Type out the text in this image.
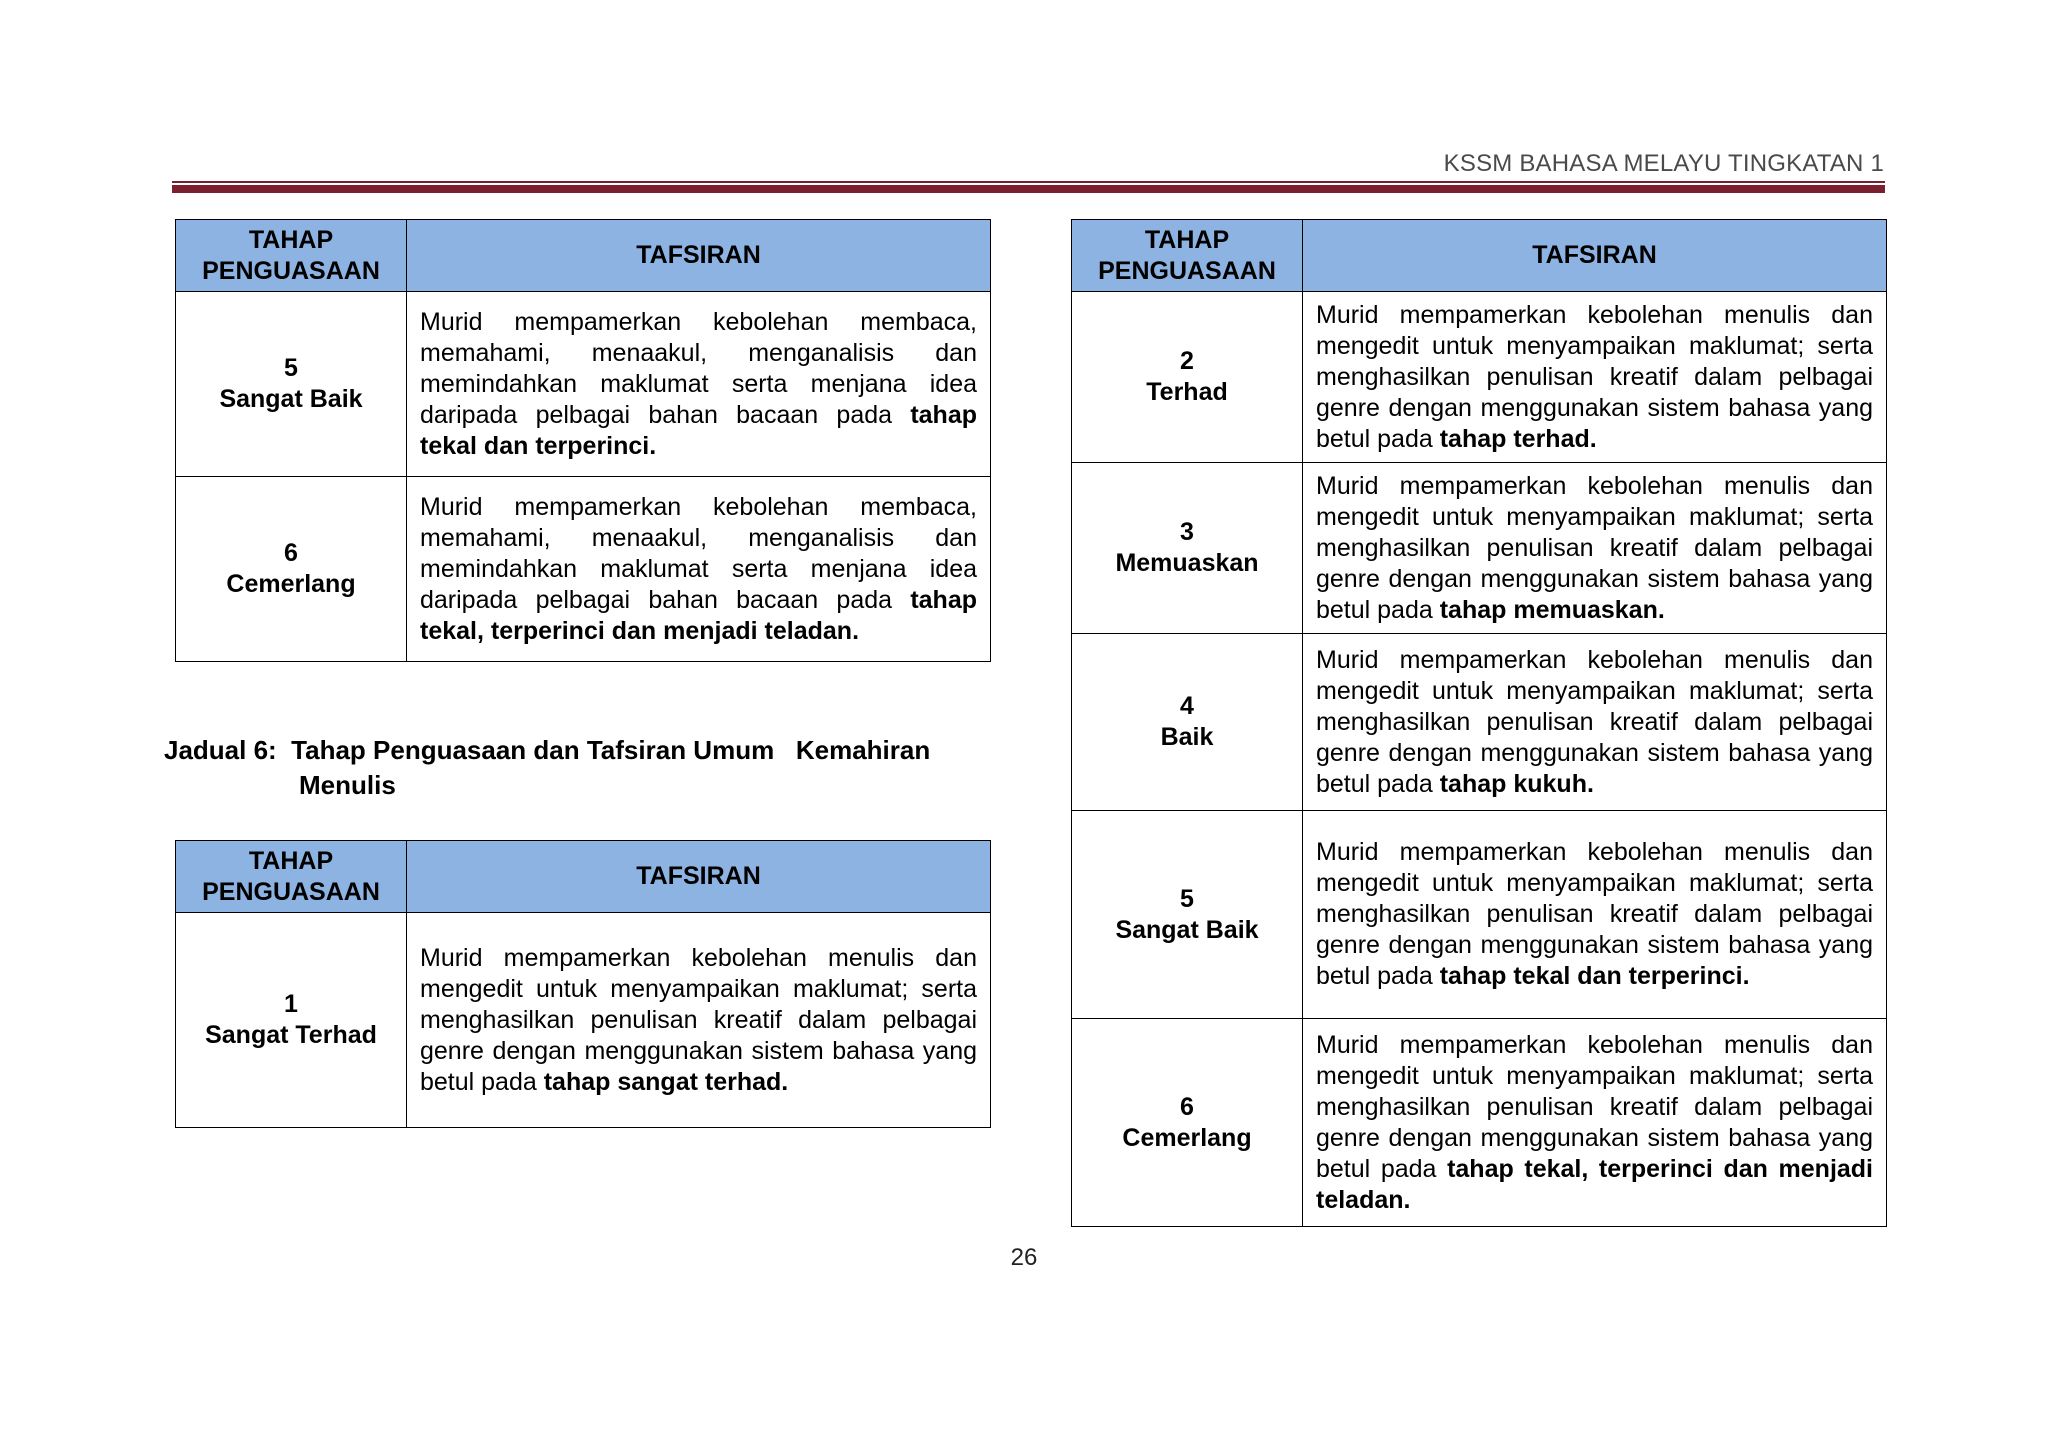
KSSM BAHASA MELAYU TINGKATAN 1
TAHAP PENGUASAAN	TAFSIRAN

5
Sangat Baik	Murid mempamerkan kebolehan membaca, memahami, menaakul, menganalisis dan memindahkan maklumat serta menjana idea daripada pelbagai bahan bacaan pada tahap tekal dan terperinci.

6
Cemerlang	Murid mempamerkan kebolehan membaca, memahami, menaakul, menganalisis dan memindahkan maklumat serta menjana idea daripada pelbagai bahan bacaan pada tahap tekal, terperinci dan menjadi teladan.
Jadual 6:  Tahap Penguasaan dan Tafsiran Umum   Kemahiran
Menulis
TAHAP PENGUASAAN	TAFSIRAN

1
Sangat Terhad	Murid mempamerkan kebolehan menulis dan mengedit untuk menyampaikan maklumat; serta menghasilkan penulisan kreatif dalam pelbagai genre dengan menggunakan sistem bahasa yang betul pada tahap sangat terhad.
TAHAP PENGUASAAN	TAFSIRAN

2
Terhad	Murid mempamerkan kebolehan menulis dan mengedit untuk menyampaikan maklumat; serta menghasilkan penulisan kreatif dalam pelbagai genre dengan menggunakan sistem bahasa yang betul pada tahap terhad.

3
Memuaskan	Murid mempamerkan kebolehan menulis dan mengedit untuk menyampaikan maklumat; serta menghasilkan penulisan kreatif dalam pelbagai genre dengan menggunakan sistem bahasa yang betul pada tahap memuaskan.

4
Baik	Murid mempamerkan kebolehan menulis dan mengedit untuk menyampaikan maklumat; serta menghasilkan penulisan kreatif dalam pelbagai genre dengan menggunakan sistem bahasa yang betul pada tahap kukuh.

5
Sangat Baik	Murid mempamerkan kebolehan menulis dan mengedit untuk menyampaikan maklumat; serta menghasilkan penulisan kreatif dalam pelbagai genre dengan menggunakan sistem bahasa yang betul pada tahap tekal dan terperinci.

6
Cemerlang	Murid mempamerkan kebolehan menulis dan mengedit untuk menyampaikan maklumat; serta menghasilkan penulisan kreatif dalam pelbagai genre dengan menggunakan sistem bahasa yang betul pada tahap tekal, terperinci dan menjadi teladan.
26
